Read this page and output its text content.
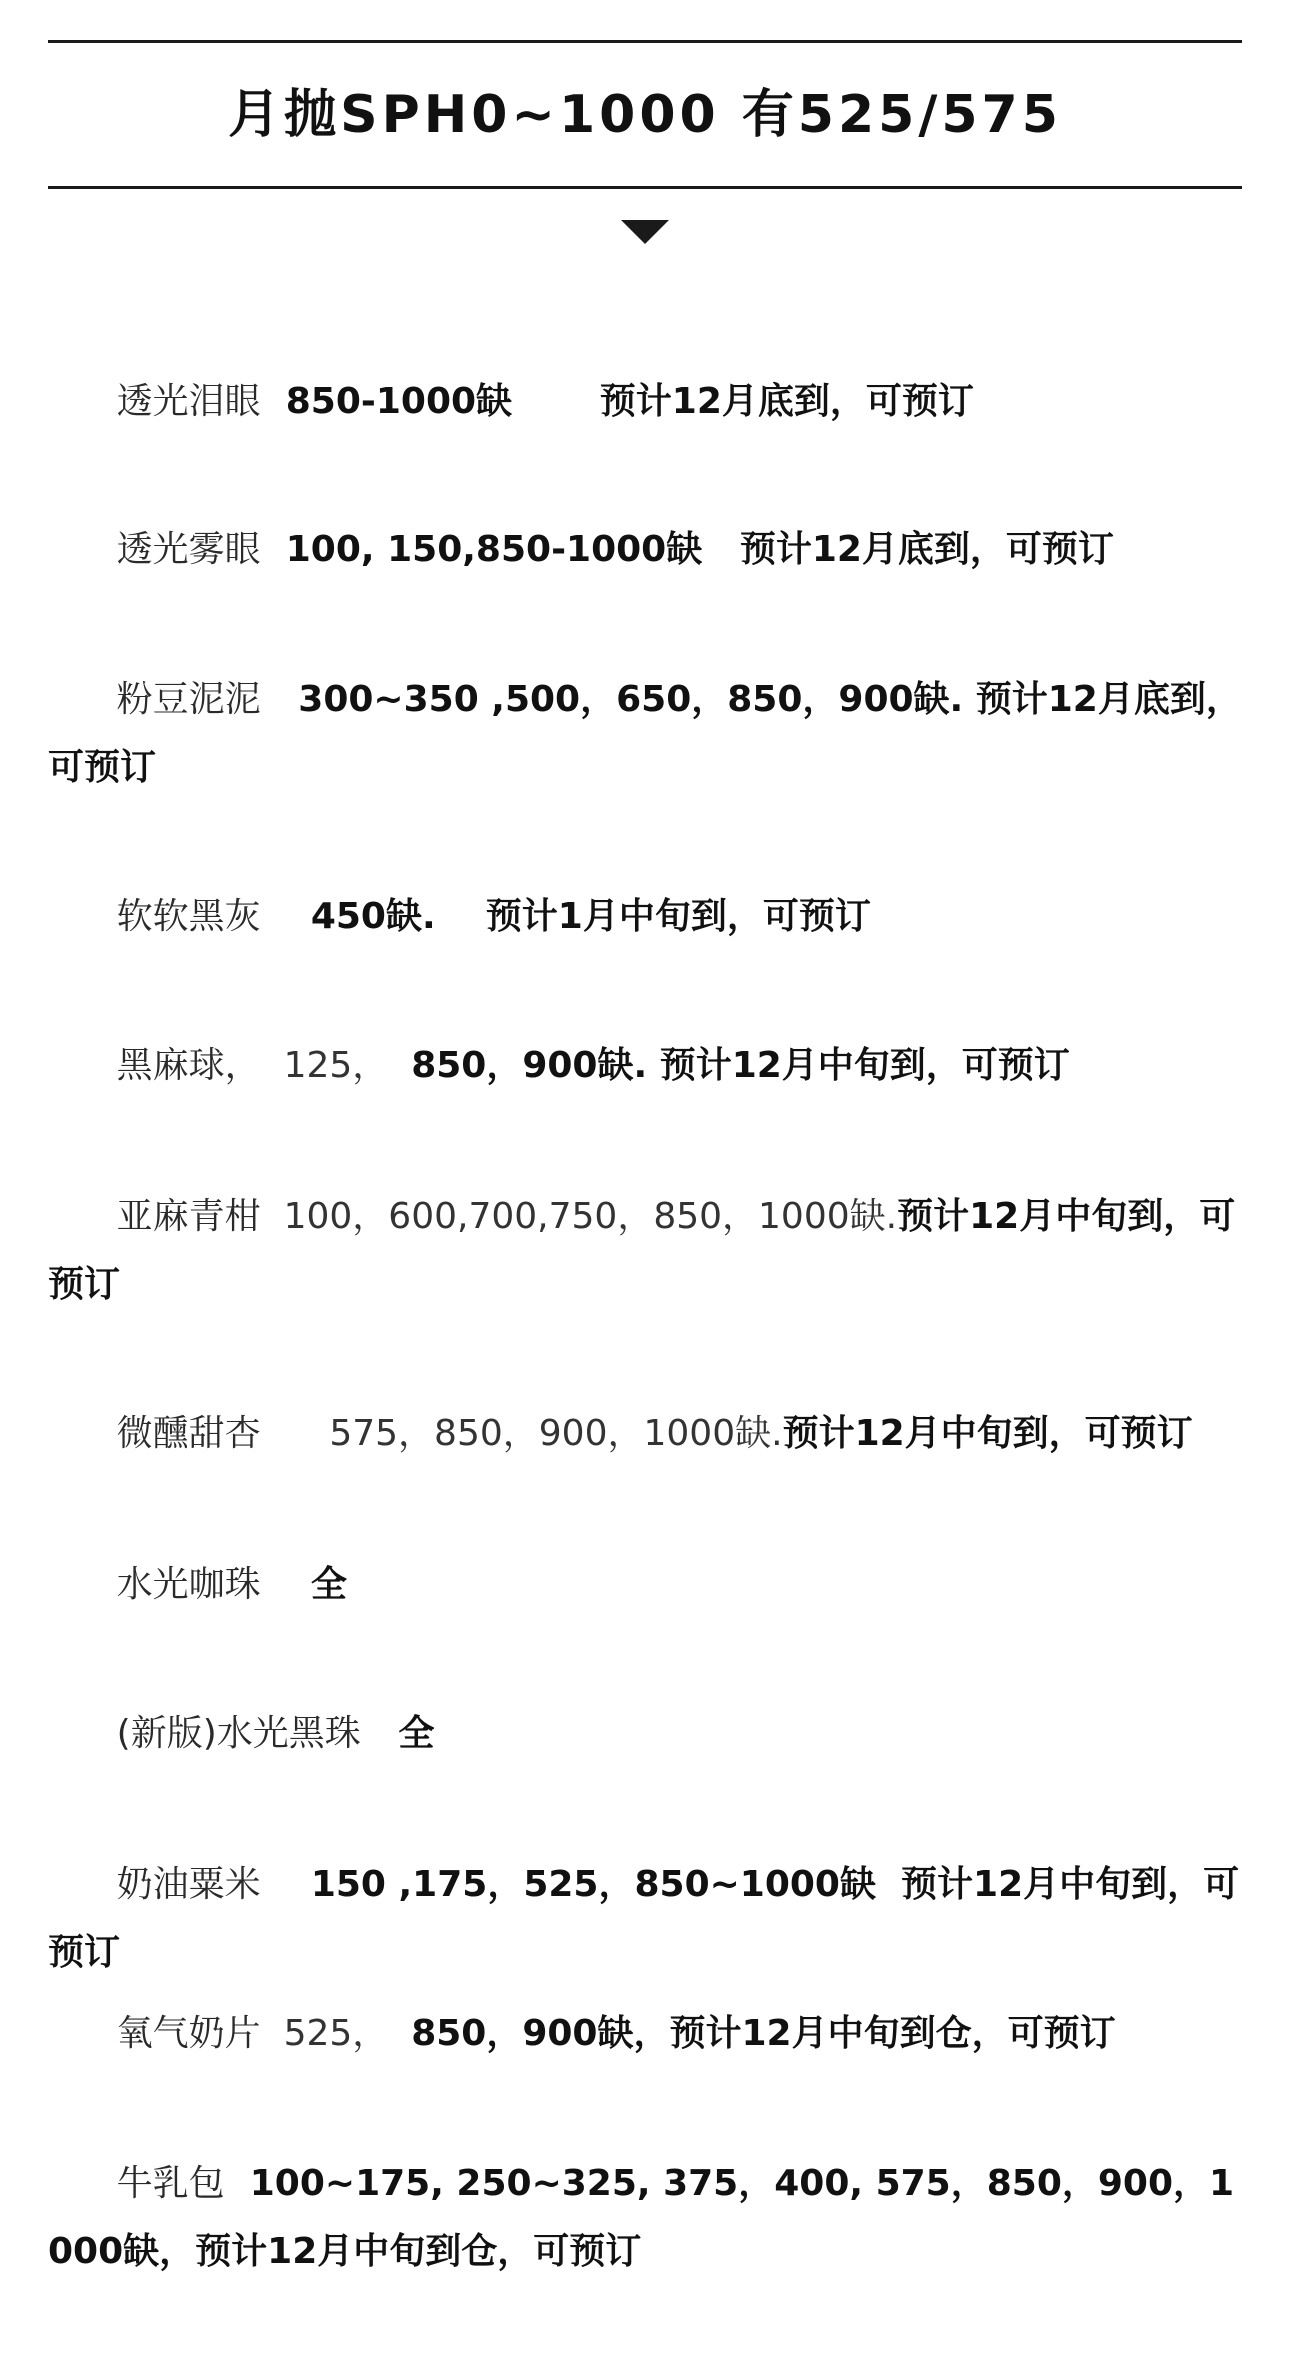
月抛SPH0~1000 有525/575

透光泪眼  850-1000缺       预计12月底到，可预订

透光雾眼  100, 150,850-1000缺   预计12月底到，可预订

粉豆泥泥   300~350 ,500，650，850，900缺. 预计12月底到，可预订

软软黑灰    450缺.    预计1月中旬到，可预订

黑麻球，  125，  850，900缺. 预计12月中旬到，可预订

亚麻青柑  100，600,700,750，850，1000缺.预计12月中旬到，可预订

微醺甜杏      575，850，900，1000缺.预计12月中旬到，可预订

水光咖珠    全

(新版)水光黑珠   全

奶油粟米    150 ,175，525，850~1000缺  预计12月中旬到，可预订

氧气奶片  525，  850，900缺，预计12月中旬到仓，可预订

牛乳包  100~175, 250~325, 375，400, 575，850，900，1000缺，预计12月中旬到仓，可预订
